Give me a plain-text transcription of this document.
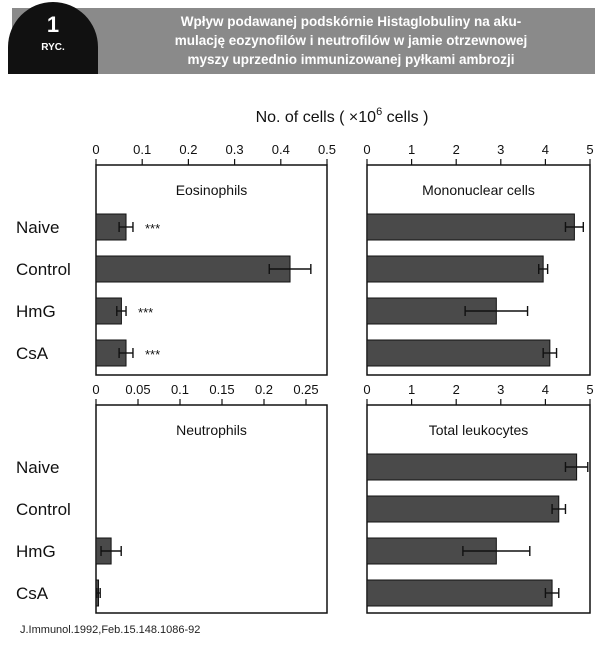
1
RYC.
Wpływ podawanej podskórnie Histaglobuliny na aku-
mulację eozynofilów i neutrofilów w jamie otrzewnowej
myszy uprzednio immunizowanej pyłkami ambrozji
No. of cells ( $\times 10^6$ cells )
0	0.1 0.2 0.3 0.4 0.5
Eosinophils
***
Naive
Control
***
HmG
***
CsA
0	1	2	3	4	5
Mononuclear cells
0 0.05 0.1 0.15 0.2 0.25
Neutrophils
Naive
Control
HmG
CsA
0	1	2	3	4	5
Total leukocytes
J.Immunol.1992,Feb.15.148.1086-92
